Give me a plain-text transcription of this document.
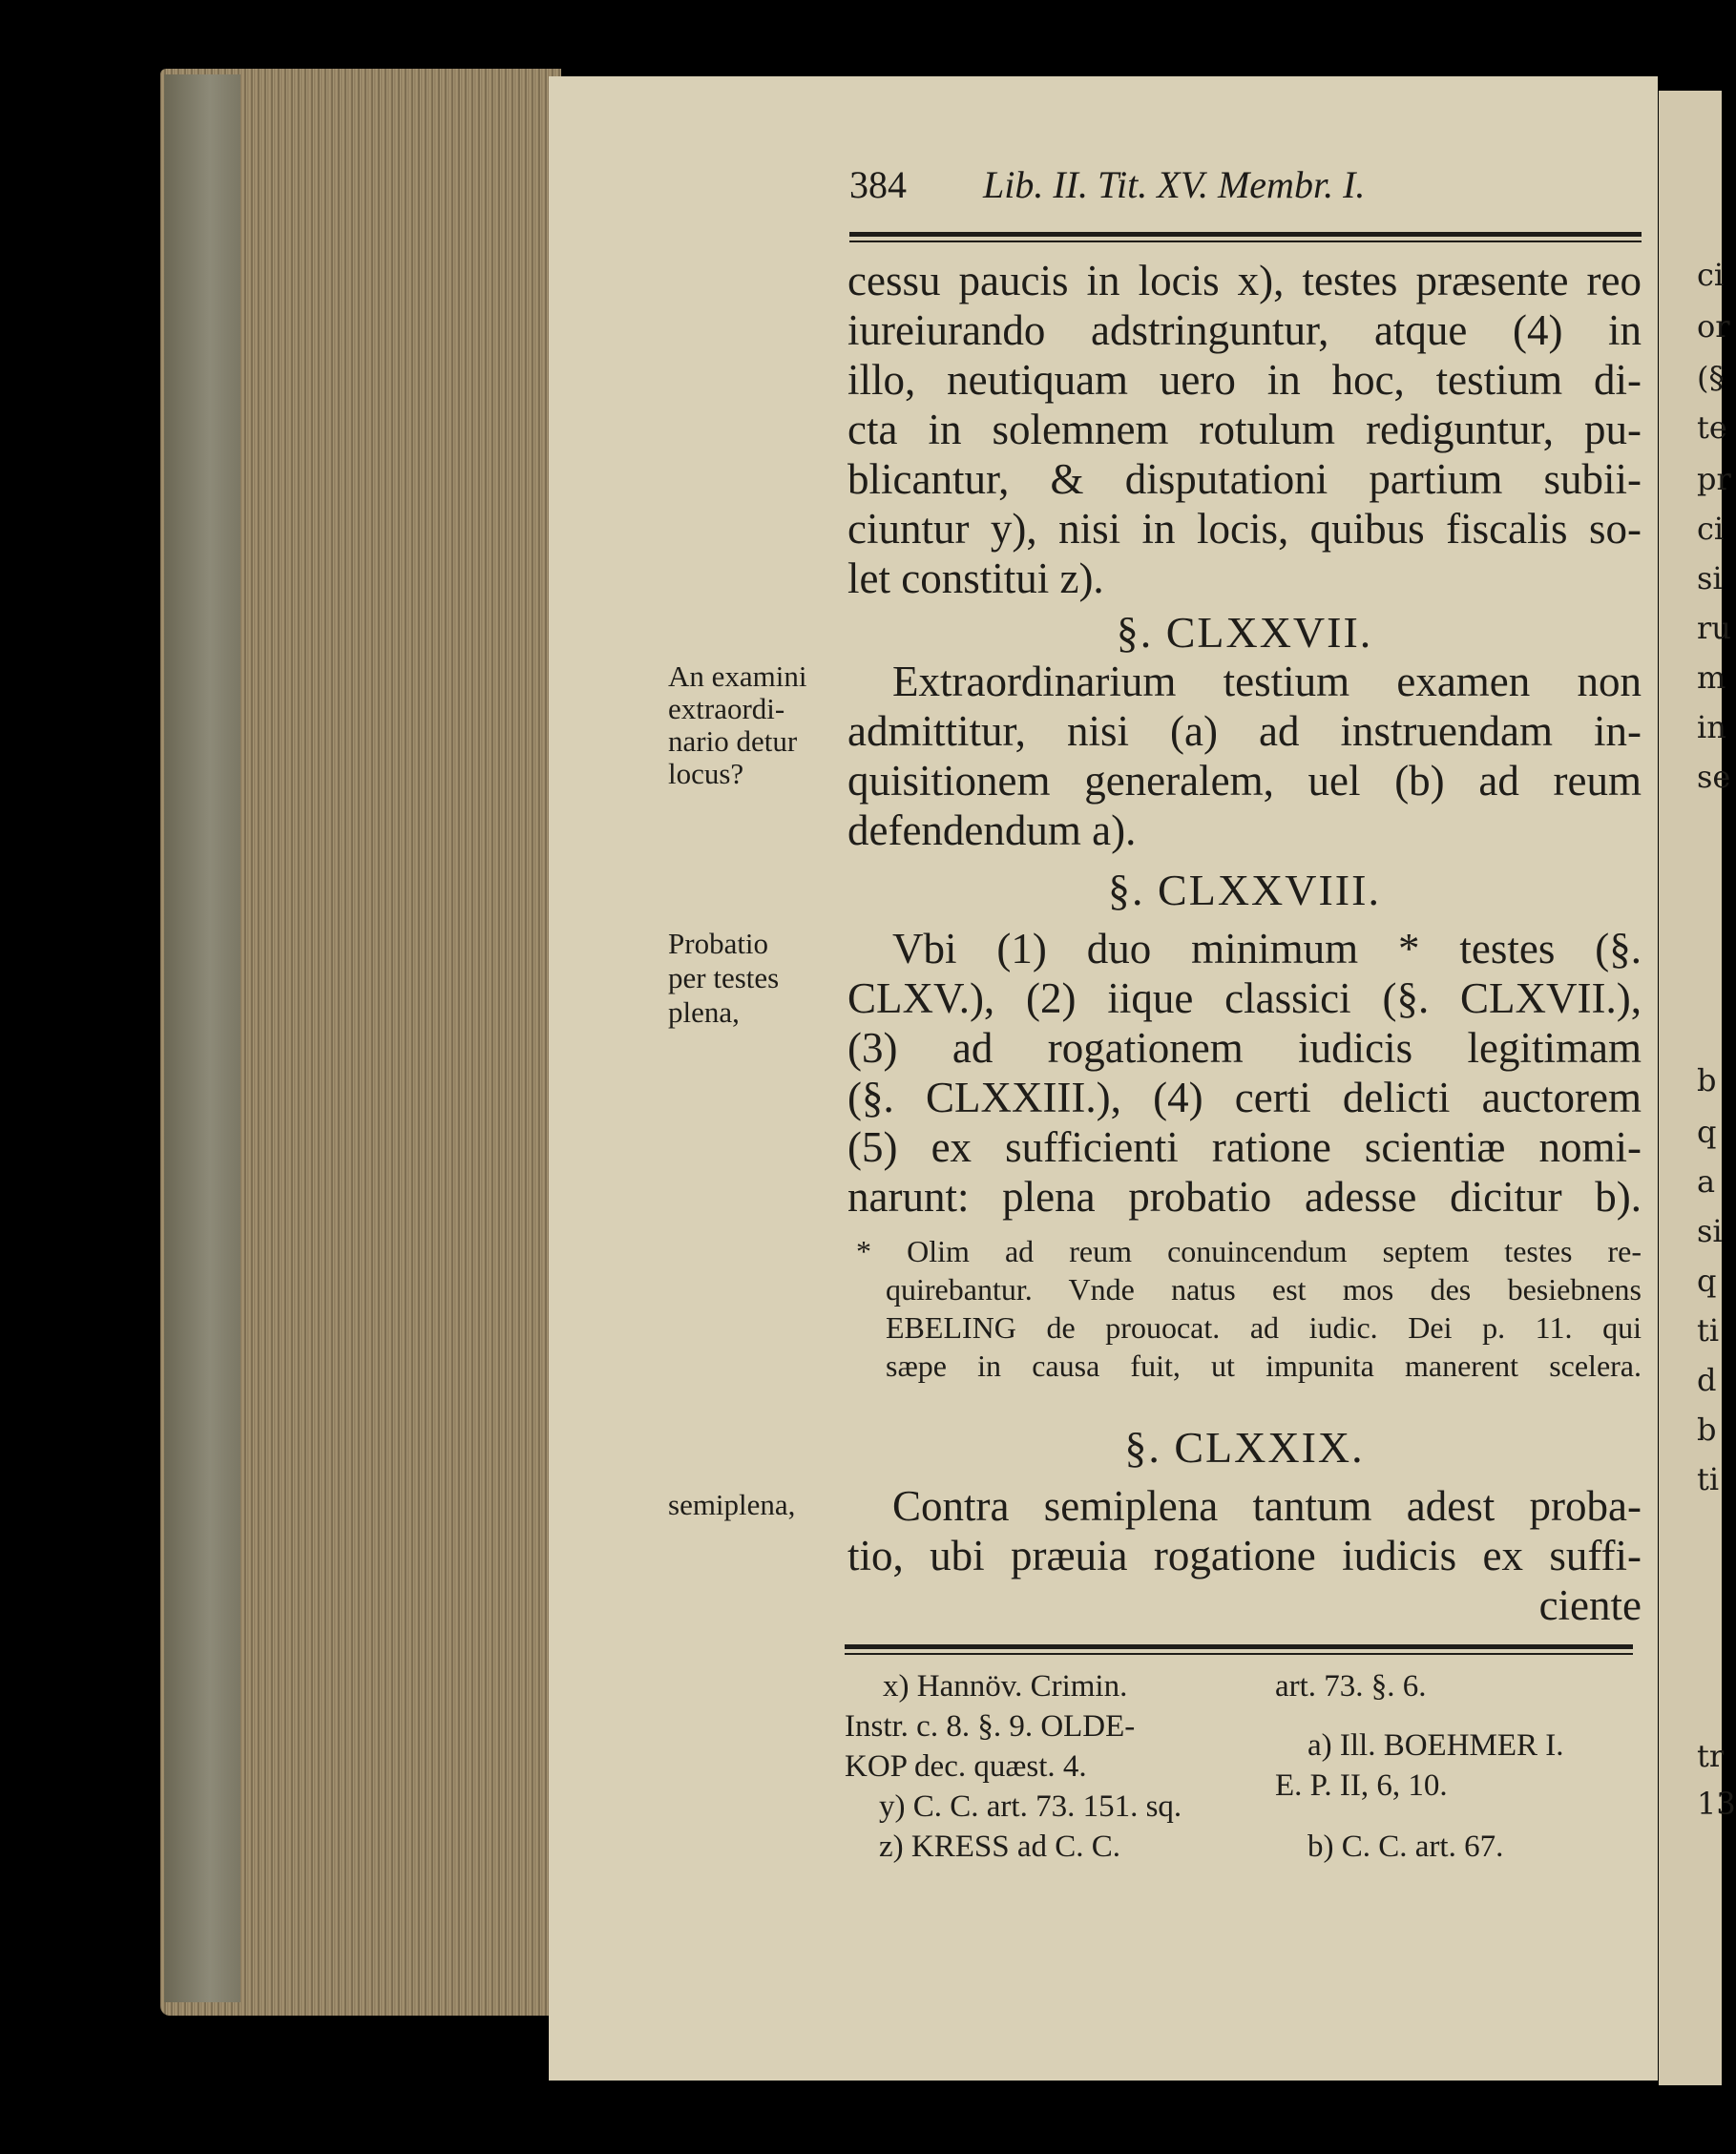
ci
or
(§
te
pr
ci
si
ru
m
in
se
b
q
a
si
q
ti
d
b
ti
tr
13
384 Lib. II. Tit. XV. Membr. I.
cessu paucis in locis x), testes præsente reo
iureiurando adstringuntur, atque (4) in
illo, neutiquam uero in hoc, testium di-
cta in solemnem rotulum rediguntur, pu-
blicantur, & disputationi partium subii-
ciuntur y), nisi in locis, quibus fiscalis so-
let constitui z).
§. CLXXVII.
An examini
extraordi-
nario detur
locus?
Extraordinarium testium examen non
admittitur, nisi (a) ad instruendam in-
quisitionem generalem, uel (b) ad reum
defendendum a).
§. CLXXVIII.
Probatio
per testes
plena,
Vbi (1) duo minimum * testes (§.
CLXV.), (2) iique classici (§. CLXVII.),
(3) ad rogationem iudicis legitimam
(§. CLXXIII.), (4) certi delicti auctorem
(5) ex sufficienti ratione scientiæ nomi-
narunt: plena probatio adesse dicitur b).
* Olim ad reum conuincendum septem testes re-
quirebantur. Vnde natus est mos des besiebnens
EBELING de prouocat. ad iudic. Dei p. 11. qui
sæpe in causa fuit, ut impunita manerent scelera.
§. CLXXIX.
semiplena,	Contra semiplena tantum adest proba-
tio, ubi præuia rogatione iudicis ex suffi-
ciente
x) Hannöv. Crimin.
Instr. c. 8. §. 9. OLDE-
KOP dec. quæst. 4.
y) C. C. art. 73. 151. sq.
z) KRESS ad C. C.
art. 73. §. 6.
a) Ill. BOEHMER I.
E. P. II, 6, 10.
b) C. C. art. 67.
